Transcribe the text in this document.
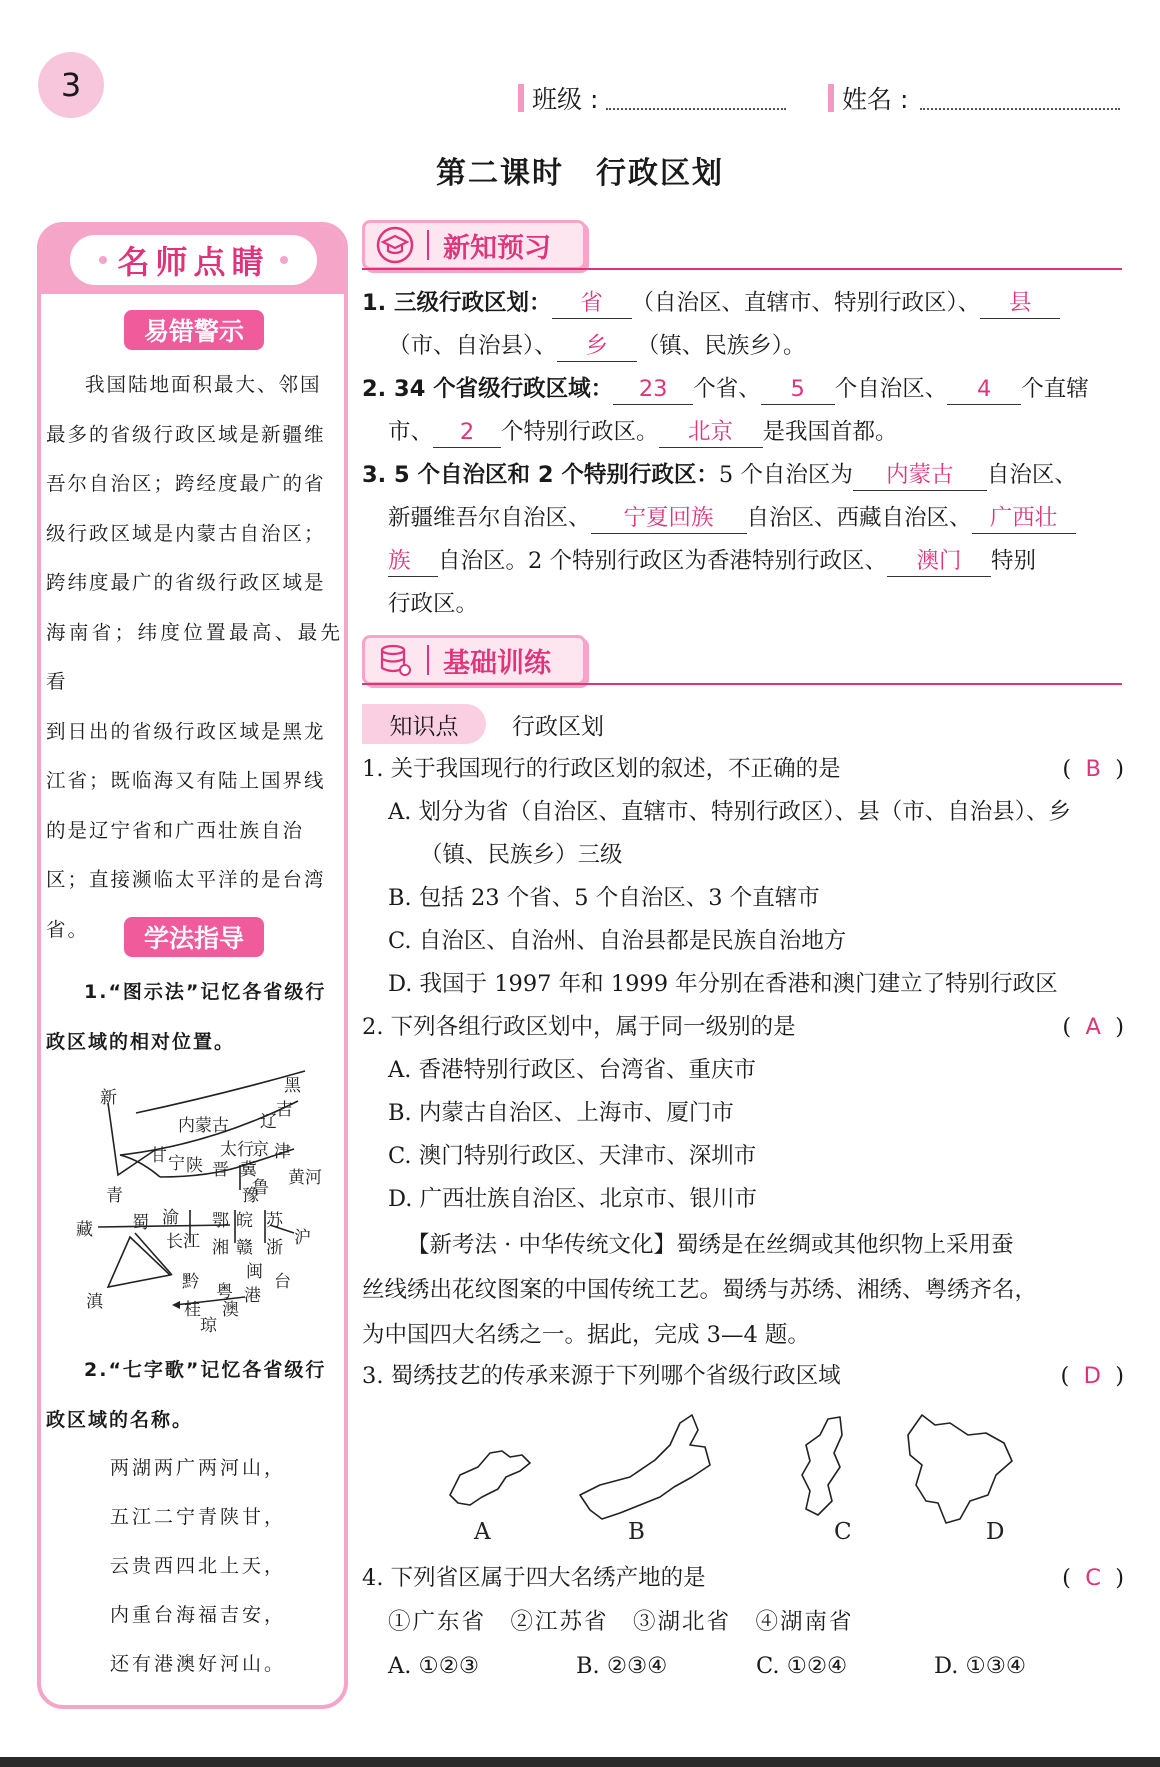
3	班级 :	姓名 :
第二课时　行政区划
名师点睛
易错警示
我国陆地面积最大、邻国
最多的省级行政区域是新疆维
吾尔自治区；跨经度最广的省
级行政区域是内蒙古自治区；
跨纬度最广的省级行政区域是
海南省；纬度位置最高、最先看
到日出的省级行政区域是黑龙
江省；既临海又有陆上国界线
的是辽宁省和广西壮族自治
区；直接濒临太平洋的是台湾
省。	学法指导
1.“图示法”记忆各省级行
政区域的相对位置。
新
内蒙古
黑
吉
辽
甘 宁 陕 晋
太行
京 津
冀
鲁 黄河
青	豫
藏 蜀 渝
长江
鄂 皖 苏
沪
湘 赣 浙
闽 台
黔 粤
滇	桂 澳
港
琼
2.“七字歌”记忆各省级行
政区域的名称。
两湖两广两河山，
五江二宁青陕甘，
云贵西四北上天，
内重台海福吉安，
还有港澳好河山。
新知预习
1. 三级行政区划： 省 （自治区、直辖市、特别行政区）、 县
（市、自治县）、 乡 （镇、民族乡）。
2. 34 个省级行政区域： 23 个省、 5 个自治区、 4 个直辖
市、 2 个特别行政区。 北京 是我国首都。
3. 5 个自治区和 2 个特别行政区：5 个自治区为 内蒙古 自治区、
新疆维吾尔自治区、 宁夏回族 自治区、西藏自治区、 广西壮
族 自治区。2 个特别行政区为香港特别行政区、 澳门 特别
行政区。
基础训练
知识点	行政区划
1. 关于我国现行的行政区划的叙述，不正确的是	(  B  )
A. 划分为省（自治区、直辖市、特别行政区）、县（市、自治县）、乡
（镇、民族乡）三级
B. 包括 23 个省、5 个自治区、3 个直辖市
C. 自治区、自治州、自治县都是民族自治地方
D. 我国于 1997 年和 1999 年分别在香港和澳门建立了特别行政区
2. 下列各组行政区划中，属于同一级别的是	(  A  )
A. 香港特别行政区、台湾省、重庆市
B. 内蒙古自治区、上海市、厦门市
C. 澳门特别行政区、天津市、深圳市
D. 广西壮族自治区、北京市、银川市
【新考法 · 中华传统文化】蜀绣是在丝绸或其他织物上采用蚕
丝线绣出花纹图案的中国传统工艺。蜀绣与苏绣、湘绣、粤绣齐名，
为中国四大名绣之一。据此，完成 3—4 题。
3. 蜀绣技艺的传承来源于下列哪个省级行政区域	(  D  )
A	B	C	D
4. 下列省区属于四大名绣产地的是	(  C  )
①广东省　②江苏省　③湖北省　④湖南省
A. ①②③	B. ②③④	C. ①②④	D. ①③④
